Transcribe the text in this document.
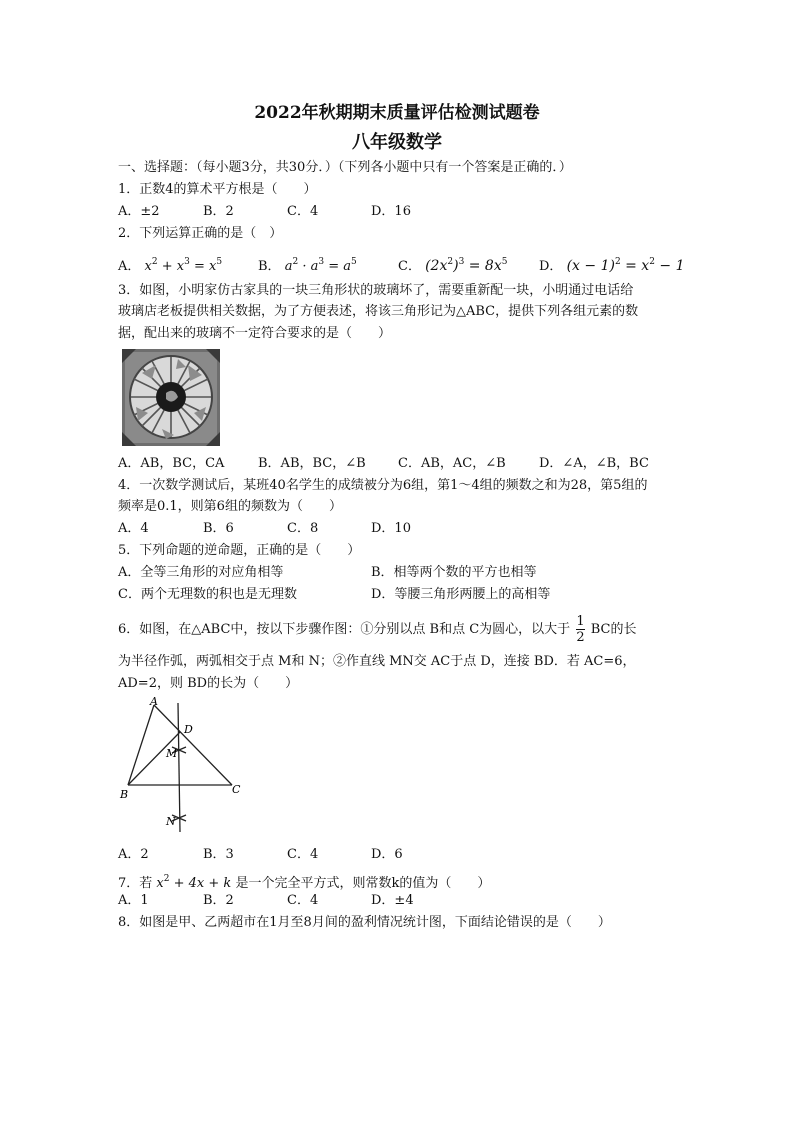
2022年秋期期末质量评估检测试题卷
八年级数学
一、选择题：（每小题3分，共30分．）（下列各小题中只有一个答案是正确的．）
1．正数4的算术平方根是（　　）
A．±2	B．2	C．4	D．16
2．下列运算正确的是（　）
A． $x^2 + x^3 = x^5$	B． $a^2 \cdot a^3 = a^5$	C． $(2x^2)^3 = 8x^5$ D． $(x - 1)^2 = x^2 - 1$
3．如图，小明家仿古家具的一块三角形状的玻璃坏了，需要重新配一块，小明通过电话给
玻璃店老板提供相关数据，为了方便表述，将该三角形记为△ABC，提供下列各组元素的数
据，配出来的玻璃不一定符合要求的是（　　）
A．AB，BC，CA	B．AB，BC，∠B C．AB，AC，∠B	D．∠A，∠B，BC
4．一次数学测试后，某班40名学生的成绩被分为6组，第1～4组的频数之和为28，第5组的
频率是0.1，则第6组的频数为（　　）
A．4	B．6	C．8	D．10
5．下列命题的逆命题，正确的是（　　）
A．全等三角形的对应角相等	B．相等两个数的平方也相等
C．两个无理数的积也是无理数	D．等腰三角形两腰上的高相等
6．如图，在△ABC中，按以下步骤作图：①分别以点 B和点 C为圆心，以大于 $\frac{1}{2}$ BC的长
为半径作弧，两弧相交于点 M和 N；②作直线 MN交 AC于点 D，连接 BD．若 AC=6，
AD=2，则 BD的长为（　　）
A
B	C
D
M
N
A．2	B．3	C．4	D．6
7．若 $x^2 + 4x + k$ 是一个完全平方式，则常数k的值为（　　）
A．1	B．2	C．4	D．±4
8．如图是甲、乙两超市在1月至8月间的盈利情况统计图，下面结论错误的是（　　）
